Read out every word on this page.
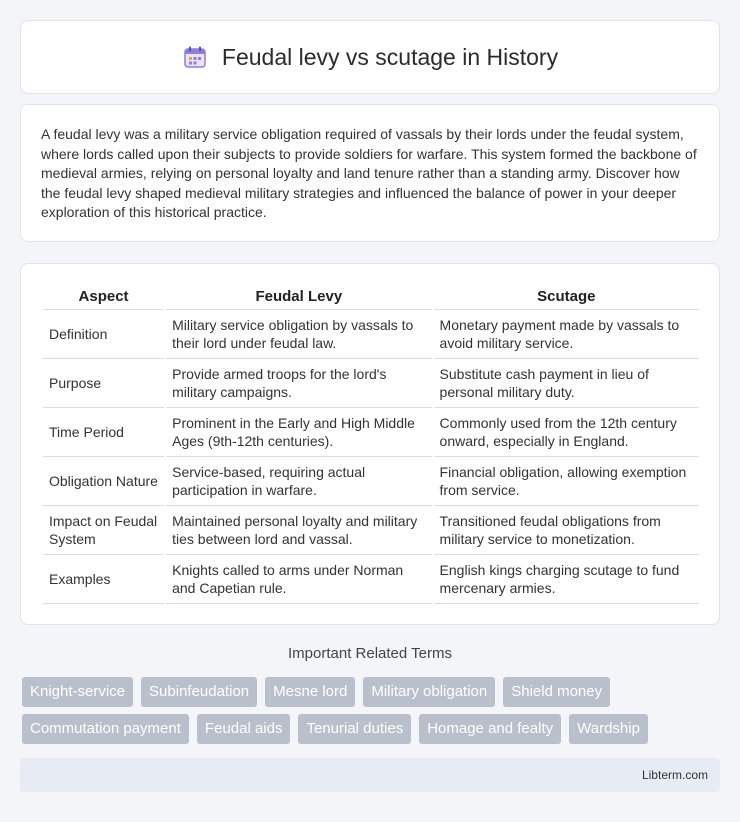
Feudal levy vs scutage in History

A feudal levy was a military service obligation required of vassals by their lords under the feudal system, where lords called upon their subjects to provide soldiers for warfare. This system formed the backbone of medieval armies, relying on personal loyalty and land tenure rather than a standing army. Discover how the feudal levy shaped medieval military strategies and influenced the balance of power in your deeper exploration of this historical practice.

Aspect	Feudal Levy	Scutage
Definition	Military service obligation by vassals to their lord under feudal law.	Monetary payment made by vassals to avoid military service.
Purpose	Provide armed troops for the lord's military campaigns.	Substitute cash payment in lieu of personal military duty.
Time Period	Prominent in the Early and High Middle Ages (9th-12th centuries).	Commonly used from the 12th century onward, especially in England.
Obligation Nature	Service-based, requiring actual participation in warfare.	Financial obligation, allowing exemption from service.
Impact on Feudal System	Maintained personal loyalty and military ties between lord and vassal.	Transitioned feudal obligations from military service to monetization.
Examples	Knights called to arms under Norman and Capetian rule.	English kings charging scutage to fund mercenary armies.
Important Related Terms
Knight-service	Subinfeudation	Mesne lord	Military obligation	Shield money
Commutation payment	Feudal aids	Tenurial duties	Homage and fealty	Wardship
Libterm.com
